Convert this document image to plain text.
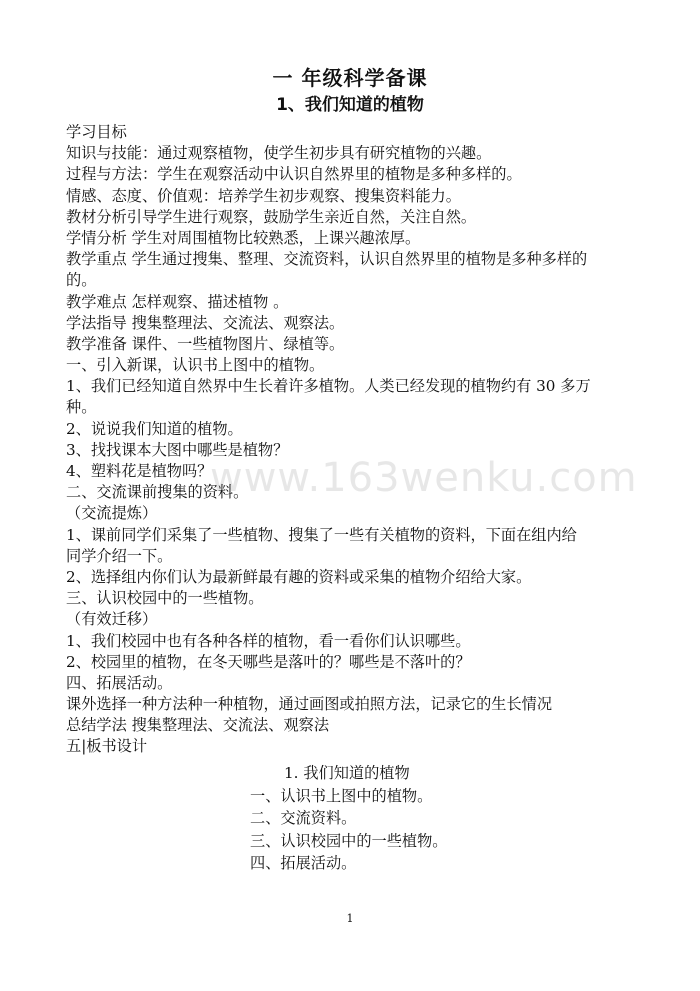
一 年级科学备课
1、我们知道的植物
学习目标
知识与技能：通过观察植物，使学生初步具有研究植物的兴趣。
过程与方法：学生在观察活动中认识自然界里的植物是多种多样的。
情感、态度、价值观：培养学生初步观察、搜集资料能力。
教材分析引导学生进行观察，鼓励学生亲近自然，关注自然。
学情分析 学生对周围植物比较熟悉，上课兴趣浓厚。
教学重点 学生通过搜集、整理、交流资料，认识自然界里的植物是多种多样的
的。
教学难点 怎样观察、描述植物 。
学法指导 搜集整理法、交流法、观察法。
教学准备 课件、一些植物图片、绿植等。
一、引入新课，认识书上图中的植物。
1、我们已经知道自然界中生长着许多植物。人类已经发现的植物约有 30 多万
种。
2、说说我们知道的植物。
3、找找课本大图中哪些是植物？
4、塑料花是植物吗？
二、交流课前搜集的资料。
（交流提炼）
1、课前同学们采集了一些植物、搜集了一些有关植物的资料，下面在组内给
同学介绍一下。
2、选择组内你们认为最新鲜最有趣的资料或采集的植物介绍给大家。
三、认识校园中的一些植物。
（有效迁移）
1、我们校园中也有各种各样的植物，看一看你们认识哪些。
2、校园里的植物，在冬天哪些是落叶的？哪些是不落叶的？
四、拓展活动。
课外选择一种方法种一种植物，通过画图或拍照方法，记录它的生长情况
总结学法 搜集整理法、交流法、观察法
五|板书设计
1. 我们知道的植物
一、认识书上图中的植物。
二、交流资料。
三、认识校园中的一些植物。
四、拓展活动。
www.163wenku.com
1
